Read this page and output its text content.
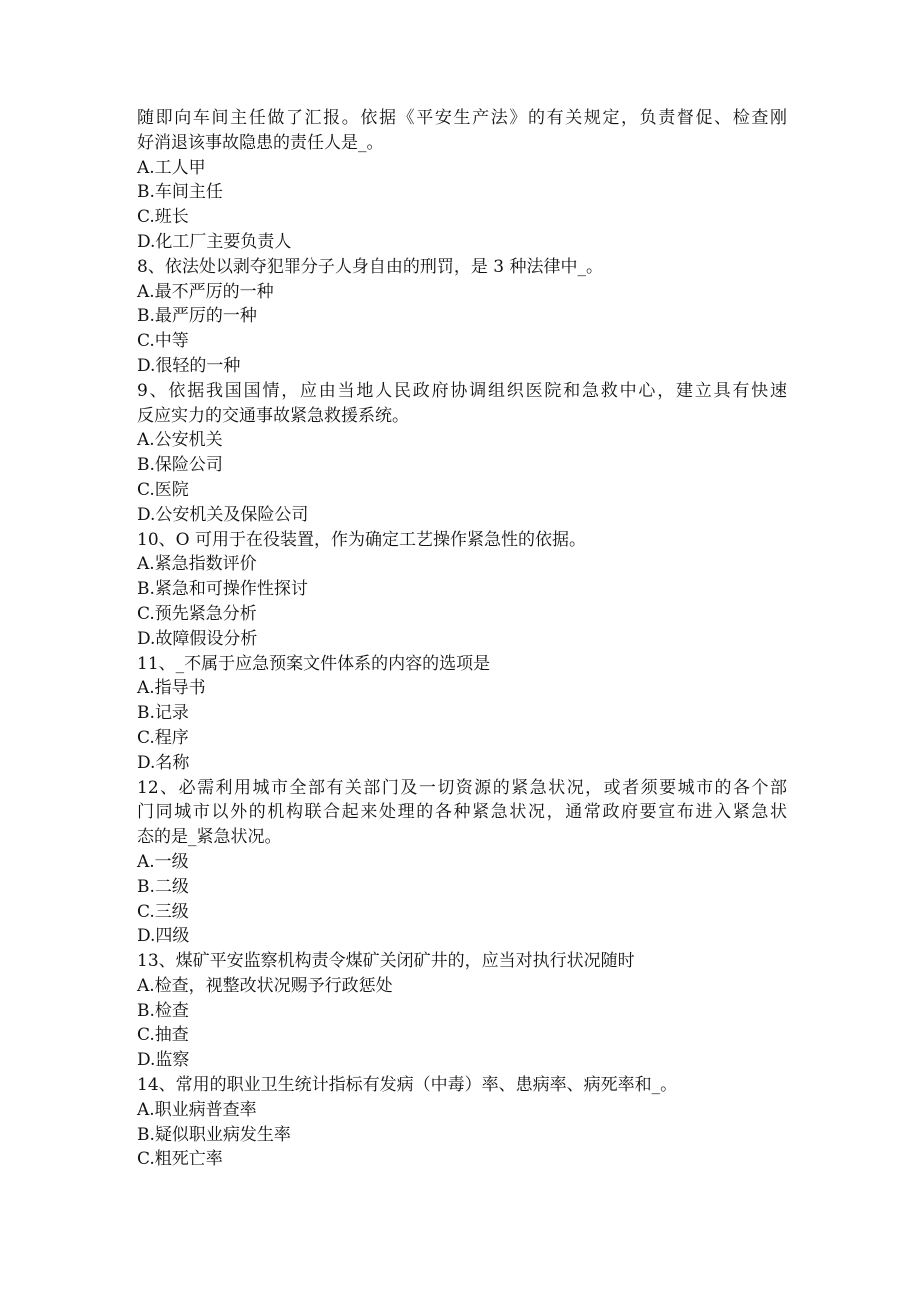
随即向车间主任做了汇报。依据《平安生产法》的有关规定，负责督促、检查刚
好消退该事故隐患的责任人是_。
A.工人甲
B.车间主任
C.班长
D.化工厂主要负责人
8、依法处以剥夺犯罪分子人身自由的刑罚，是 3 种法律中_。
A.最不严厉的一种
B.最严厉的一种
C.中等
D.很轻的一种
9、依据我国国情，应由当地人民政府协调组织医院和急救中心，建立具有快速
反应实力的交通事故紧急救援系统。
A.公安机关
B.保险公司
C.医院
D.公安机关及保险公司
10、O 可用于在役装置，作为确定工艺操作紧急性的依据。
A.紧急指数评价
B.紧急和可操作性探讨
C.预先紧急分析
D.故障假设分析
11、_不属于应急预案文件体系的内容的选项是
A.指导书
B.记录
C.程序
D.名称
12、必需利用城市全部有关部门及一切资源的紧急状况，或者须要城市的各个部
门同城市以外的机构联合起来处理的各种紧急状况，通常政府要宣布进入紧急状
态的是_紧急状况。
A.一级
B.二级
C.三级
D.四级
13、煤矿平安监察机构责令煤矿关闭矿井的，应当对执行状况随时
A.检查，视整改状况赐予行政惩处
B.检查
C.抽查
D.监察
14、常用的职业卫生统计指标有发病（中毒）率、患病率、病死率和_。
A.职业病普查率
B.疑似职业病发生率
C.粗死亡率
